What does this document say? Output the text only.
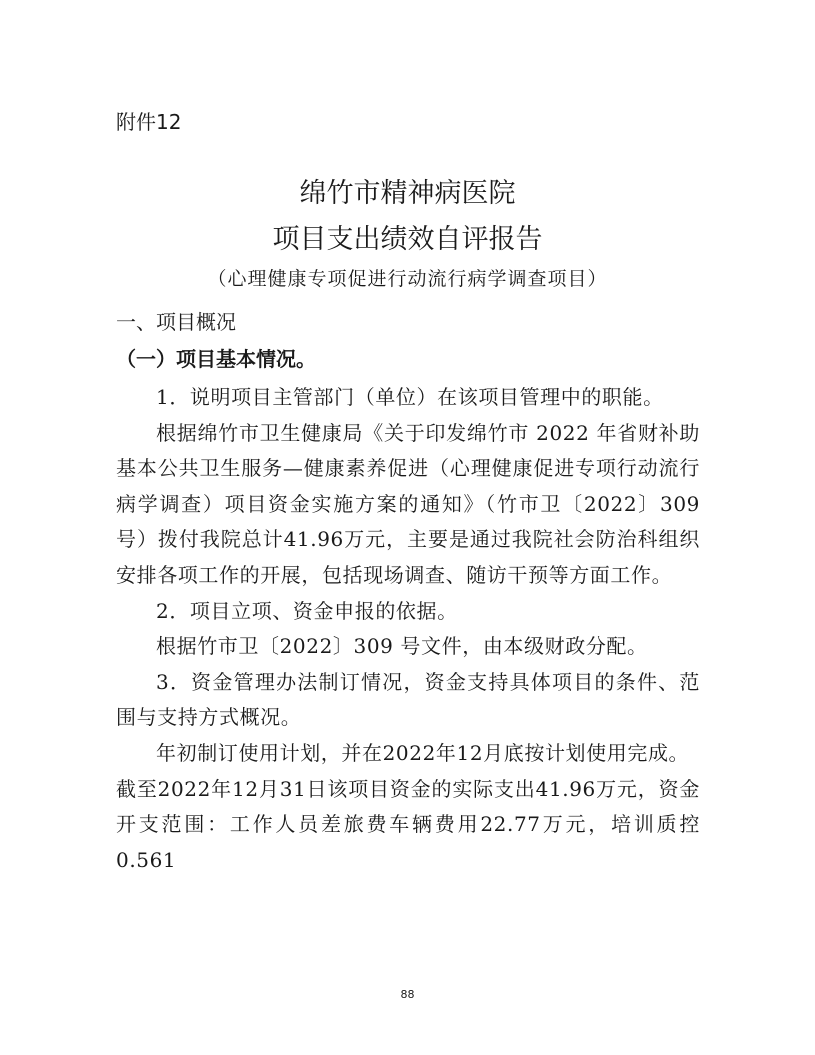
附件12
绵竹市精神病医院
项目支出绩效自评报告
（心理健康专项促进行动流行病学调查项目）
一、项目概况
（一）项目基本情况。

1．说明项目主管部门（单位）在该项目管理中的职能。

根据绵竹市卫生健康局《关于印发绵竹市 2022 年省财补助基本公共卫生服务—健康素养促进（心理健康促进专项行动流行病学调查）项目资金实施方案的通知》（竹市卫〔2022〕309 号）拨付我院总计41.96万元，主要是通过我院社会防治科组织安排各项工作的开展，包括现场调查、随访干预等方面工作。

2．项目立项、资金申报的依据。

根据竹市卫〔2022〕309 号文件，由本级财政分配。

3．资金管理办法制订情况，资金支持具体项目的条件、范围与支持方式概况。

年初制订使用计划，并在2022年12月底按计划使用完成。

截至2022年12月31日该项目资金的实际支出41.96万元，资金开支范围：工作人员差旅费车辆费用22.77万元，培训质控0.561

88
